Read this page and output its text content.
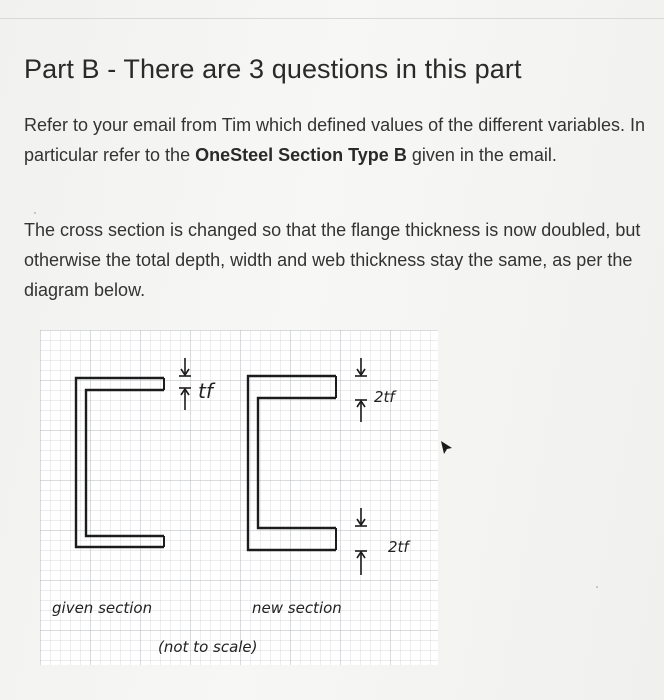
Part B - There are 3 questions in this part

Refer to your email from Tim which defined values of the different variables. In particular refer to the OneSteel Section Type B given in the email.

The cross section is changed so that the flange thickness is now doubled, but otherwise the total depth, width and web thickness stay the same, as per the diagram below.

tf	2tf
2tf
given section	new section
(not to scale)
